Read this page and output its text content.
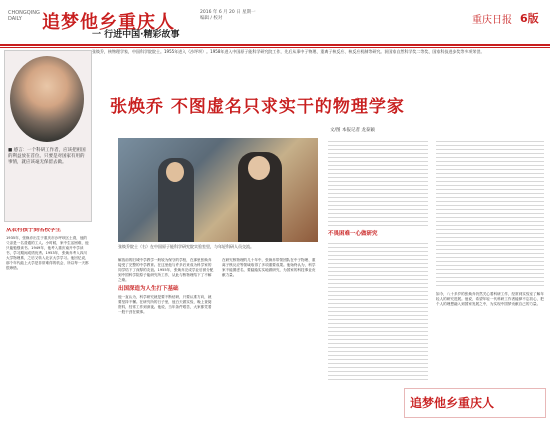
CHONGQING DAILY	追梦他乡重庆人	2016 年 6 月 20 日 星期一
编辑 / 校对	重庆日报 6版
一 行进中国·精彩故事
张焕乔，核物理学家，中国科学院院士。1955年进入（沙坪坝）。1958年进入中国原子能科学研究院工作，先后从事中子物理、重离子核反应、核反应机制等研究。获国家自然科学奖二等奖、国家科技进步奖等多项荣誉。
■ 感言：一个科研工作者，应该把祖国的利益放在首位。只要是对国家有用的事情，就应该毫无保留去做。
张焕乔 不图虚名只求实干的物理学家
文/图 本报记者 龙泰颖
张焕乔院士（右）在中国原子能科学研究院实验室里，与年轻科研人员交流。
从农村孩子到名校学生
1935年，张焕乔出生于重庆市沙坪坝区土湾，他的父亲是一名普通的工人。小时候，家中生活困难，他只能勉强读书。1949年，他考入重庆南开中学读书，学习期间成绩优秀。1953年，张焕乔考入四川大学物理系，之后又转入北京大学学习。他回忆说，那个年代能上大学是非常难得的机会，所以每一天都很珍惜。
解放前的旧城中学教学一般较为保守的学校，在那里张焕乔接受了完整的中学教育。在这里他与许多后来成为科学家的同学结下了深厚的友谊。1955年，张焕乔完成学业后被分配到中国科学院原子能研究所工作，从此与核物理结下了不解之缘。
出国深造为人生打下基础
他一直认为，科学研究就是要不断钻研，只要认准方向，就要坚持不懈。在研究所的日子里，他白天做实验，晚上查阅资料，经常工作到深夜。他说，当年条件艰苦，大家都凭着一股干劲在做事。
在研究核物理的几十年中，张焕乔带领团队在中子物理、重离子核反应等领域取得了多项重要成果。他始终认为，科学家不能图虚名，要踏踏实实地做研究，为国家的科技事业贡献力量。
不畏困难一心做研究
如今，八十多岁的张焕乔仍然关心着科研工作，经常到实验室了解年轻人的研究进展。他说，希望年轻一代科研工作者能够不忘初心，把个人的理想融入到国家发展之中，为实现中国梦贡献自己的力量。
追梦他乡重庆人
